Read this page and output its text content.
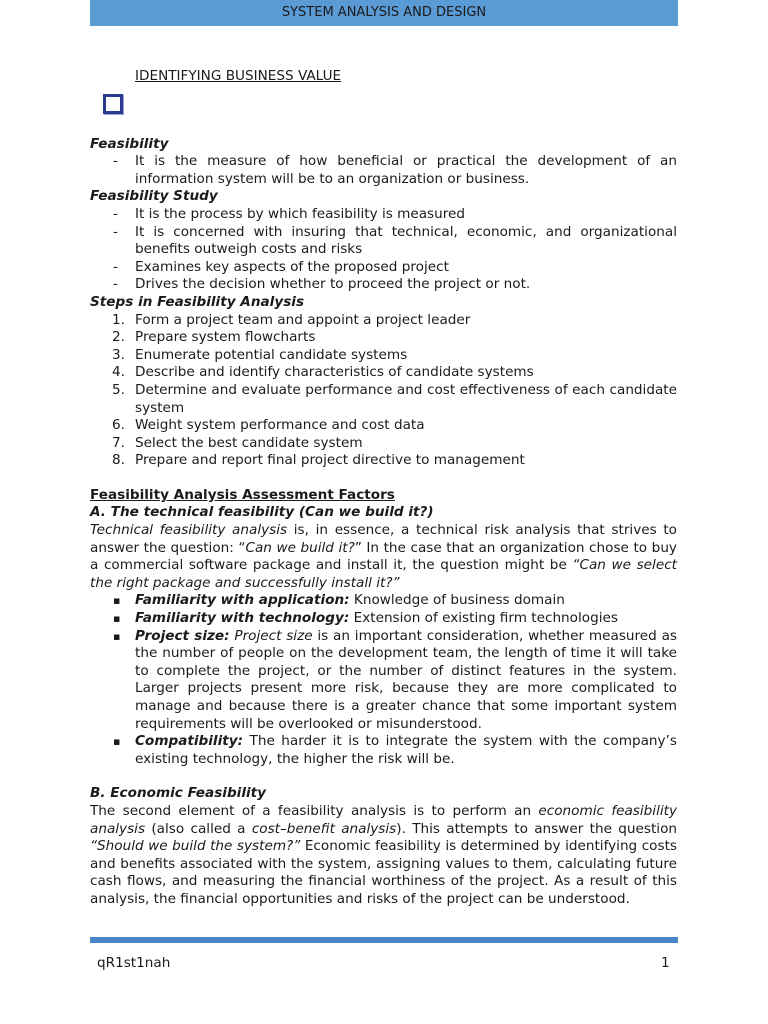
SYSTEM ANALYSIS AND DESIGN
IDENTIFYING BUSINESS VALUE
Feasibility
- It is the measure of how beneficial or practical the development of an information system will be to an organization or business.
Feasibility Study
- It is the process by which feasibility is measured
- It is concerned with insuring that technical, economic, and organizational benefits outweigh costs and risks
- Examines key aspects of the proposed project
- Drives the decision whether to proceed the project or not.
Steps in Feasibility Analysis
1. Form a project team and appoint a project leader
2. Prepare system flowcharts
3. Enumerate potential candidate systems
4. Describe and identify characteristics of candidate systems
5. Determine and evaluate performance and cost effectiveness of each candidate system
6. Weight system performance and cost data
7. Select the best candidate system
8. Prepare and report final project directive to management
Feasibility Analysis Assessment Factors
A. The technical feasibility (Can we build it?)

Technical feasibility analysis is, in essence, a technical risk analysis that strives to answer the question: “Can we build it?” In the case that an organization chose to buy a commercial software package and install it, the question might be “Can we select the right package and successfully install it?”

▪ Familiarity with application: Knowledge of business domain
▪ Familiarity with technology: Extension of existing firm technologies
▪ Project size: Project size is an important consideration, whether measured as the number of people on the development team, the length of time it will take to complete the project, or the number of distinct features in the system. Larger projects present more risk, because they are more complicated to manage and because there is a greater chance that some important system requirements will be overlooked or misunderstood.
▪ Compatibility: The harder it is to integrate the system with the company’s existing technology, the higher the risk will be.
B. Economic Feasibility

The second element of a feasibility analysis is to perform an economic feasibility analysis (also called a cost–benefit analysis). This attempts to answer the question “Should we build the system?” Economic feasibility is determined by identifying costs and benefits associated with the system, assigning values to them, calculating future cash flows, and measuring the financial worthiness of the project. As a result of this analysis, the financial opportunities and risks of the project can be understood.

qR1st1nah	1
